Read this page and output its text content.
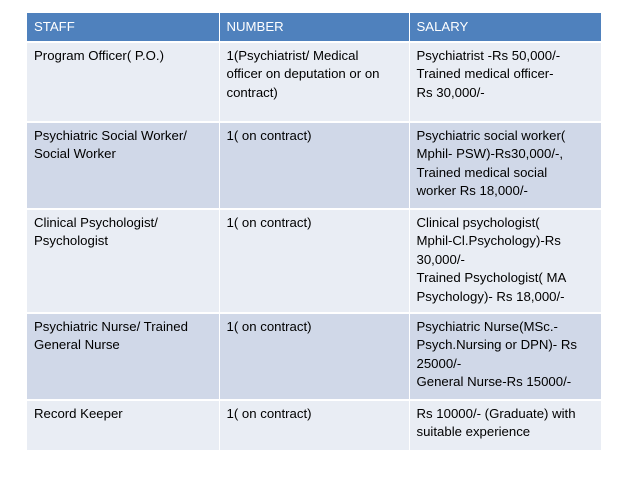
STAFF	NUMBER	SALARY

Program Officer( P.O.)	1(Psychiatrist/ Medical
officer on deputation or on
contract)	Psychiatrist -Rs 50,000/-
Trained medical officer-
Rs 30,000/-

Psychiatric Social Worker/
Social Worker	1( on contract)	Psychiatric social worker(
Mphil- PSW)-Rs30,000/-,
Trained medical social
worker Rs 18,000/-

Clinical Psychologist/
Psychologist	1( on contract)	Clinical psychologist(
Mphil-Cl.Psychology)-Rs
30,000/-
Trained Psychologist( MA
Psychology)- Rs 18,000/-

Psychiatric Nurse/ Trained
General Nurse	1( on contract)	Psychiatric Nurse(MSc.-
Psych.Nursing or DPN)- Rs
25000/-
General Nurse-Rs 15000/-

Record Keeper	1( on contract)	Rs 10000/- (Graduate) with
suitable experience
